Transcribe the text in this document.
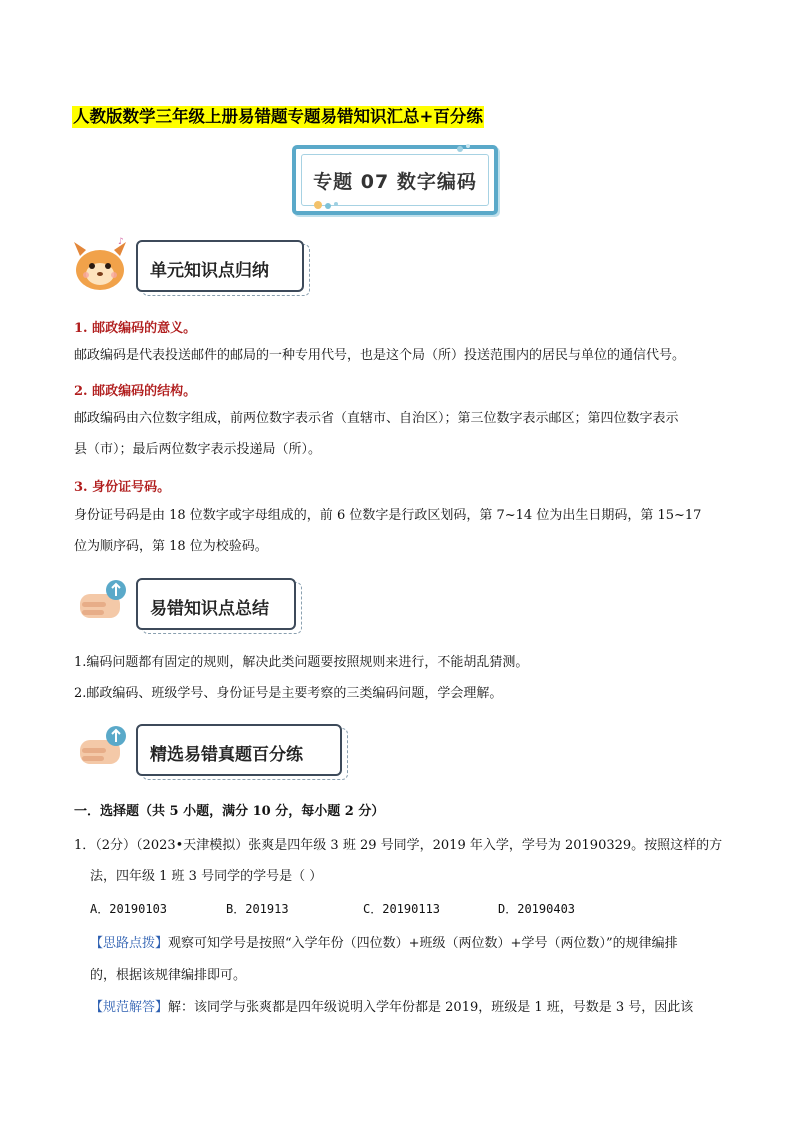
人教版数学三年级上册易错题专题易错知识汇总+百分练
专题 07 数字编码
♪
单元知识点归纳
1. 邮政编码的意义。
邮政编码是代表投送邮件的邮局的一种专用代号，也是这个局（所）投送范围内的居民与单位的通信代号。
2. 邮政编码的结构。
邮政编码由六位数字组成，前两位数字表示省（直辖市、自治区）；第三位数字表示邮区；第四位数字表示
县（市）；最后两位数字表示投递局（所）。
3. 身份证号码。
身份证号码是由 18 位数字或字母组成的，前 6 位数字是行政区划码，第 7~14 位为出生日期码，第 15~17
位为顺序码，第 18 位为校验码。
易错知识点总结
1.编码问题都有固定的规则，解决此类问题要按照规则来进行，不能胡乱猜测。
2.邮政编码、班级学号、身份证号是主要考察的三类编码问题，学会理解。
精选易错真题百分练
一．选择题（共 5 小题，满分 10 分，每小题 2 分）
1．（2分）（2023•天津模拟）张爽是四年级 3 班 29 号同学，2019 年入学，学号为 20190329。按照这样的方
法，四年级 1 班 3 号同学的学号是（ ）
A．20190103	B．201913	C．20190113	D．20190403
【思路点拨】观察可知学号是按照“入学年份（四位数）+班级（两位数）+学号（两位数）”的规律编排
的，根据该规律编排即可。
【规范解答】解：该同学与张爽都是四年级说明入学年份都是 2019，班级是 1 班，号数是 3 号，因此该
